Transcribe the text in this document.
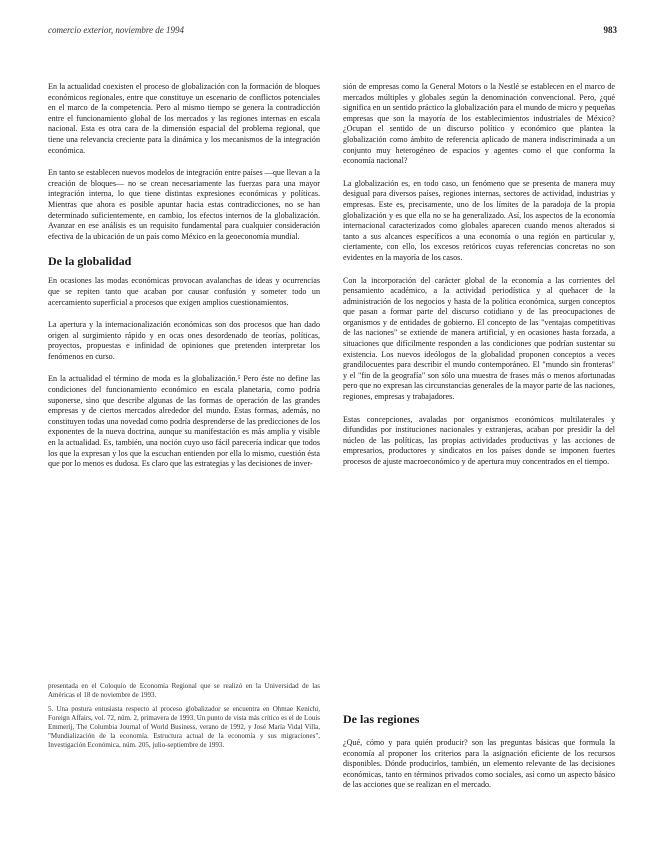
comercio exterior, noviembre de 1994	983

En la actualidad coexisten el proceso de globalización con la formación de bloques económicos regionales, entre que constituye un escenario de conflictos potenciales en el marco de la competencia. Pero al mismo tiempo se genera la contradicción entre el funcionamiento global de los mercados y las regiones internas en escala nacional. Esta es otra cara de la dimensión espacial del problema regional, que tiene una relevancia creciente para la dinámica y los mecanismos de la integración económica.

En tanto se establecen nuevos modelos de integración entre países —que llevan a la creación de bloques— no se crean necesariamente las fuerzas para una mayor integración interna, lo que tiene distintas expresiones económicas y políticas. Mientras que ahora es posible apuntar hacia estas contradicciones, no se han determinado suficientemente, en cambio, los efectos internos de la globalización. Avanzar en ese análisis es un requisito fundamental para cualquier consideración efectiva de la ubicación de un país como México en la geoeconomía mundial.

De la globalidad

En ocasiones las modas económicas provocan avalanchas de ideas y ocurrencias que se repiten tanto que acaban por causar confusión y someter todo un acercamiento superficial a procesos que exigen amplios cuestionamientos.

La apertura y la internacionalización económicas son dos procesos que han dado origen al surgimiento rápido y en ocas ones desordenado de teorías, políticas, proyectos, propuestas e infinidad de opiniones que pretenden interpretar los fenómenos en curso.

En la actualidad el término de moda es la globalización.⁵ Pero éste no define las condiciones del funcionamiento económico en escala planetaria, como podría suponerse, sino que describe algunas de las formas de operación de las grandes empresas y de ciertos mercados alrededor del mundo. Estas formas, además, no constituyen todas una novedad como podría desprenderse de las predicciones de los exponentes de la nueva doctrina, aunque su manifestación es más amplia y visible en la actualidad. Es, también, una noción cuyo uso fácil parecería indicar que todos los que la expresan y los que la escuchan entienden por ella lo mismo, cuestión ésta que por lo menos es dudosa. Es claro que las estrategias y las decisiones de inver-

presentada en el Coloquio de Economía Regional que se realizó en la Universidad de las Américas el 18 de noviembre de 1993.

5. Una postura entusiasta respecto al proceso globalizador se encuentra en Ohmae Kenichi, Foreign Affairs, vol. 72, núm. 2, primavera de 1993. Un punto de vista más crítico es el de Louis Emmerij, The Columbia Journal of World Business, verano de 1992, y José María Vidal Villa, "Mundialización de la economía. Estructura actual de la economía y sus migraciones", Investigación Económica, núm. 205, julio-septiembre de 1993.

sión de empresas como la General Motors o la Nestlé se establecen en el marco de mercados múltiples y globales según la denominación convencional. Pero, ¿qué significa en un sentido práctico la globalización para el mundo de micro y pequeñas empresas que son la mayoría de los establecimientos industriales de México? ¿Ocupan el sentido de un discurso político y económico que plantea la globalización como ámbito de referencia aplicado de manera indiscriminada a un conjunto muy heterogéneo de espacios y agentes como el que conforma la economía nacional?

La globalización es, en todo caso, un fenómeno que se presenta de manera muy desigual para diversos países, regiones internas, sectores de actividad, industrias y empresas. Este es, precisamente, uno de los límites de la paradoja de la propia globalización y es que ella no se ha generalizado. Así, los aspectos de la economía internacional caracterizados como globales aparecen cuando menos alterados si tanto a sus alcances específicos a una economía o una región en particular y, ciertamente, con ello, los excesos retóricos cuyas referencias concretas no son evidentes en la mayoría de los casos.

Con la incorporación del carácter global de la economía a las corrientes del pensamiento académico, a la actividad periodística y al quehacer de la administración de los negocios y hasta de la política económica, surgen conceptos que pasan a formar parte del discurso cotidiano y de las preocupaciones de organismos y de entidades de gobierno. El concepto de las "ventajas competitivas de las naciones" se extiende de manera artificial, y en ocasiones hasta forzada, a situaciones que difícilmente responden a las condiciones que podrían sustentar su existencia. Los nuevos ideólogos de la globalidad proponen conceptos a veces grandilocuentes para describir el mundo contemporáneo. El "mundo sin fronteras" y el "fin de la geografía" son sólo una muestra de frases más o menos afortunadas pero que no expresan las circunstancias generales de la mayor parte de las naciones, regiones, empresas y trabajadores.

Estas concepciones, avaladas por organismos económicos multilaterales y difundidas por instituciones nacionales y extranjeras, acaban por presidir la del núcleo de las políticas, las propias actividades productivas y las acciones de empresarios, productores y sindicatos en los países donde se imponen fuertes procesos de ajuste macroeconómico y de apertura muy concentrados en el tiempo.

De las regiones

¿Qué, cómo y para quién producir? son las preguntas básicas que formula la economía al proponer los criterios para la asignación eficiente de los recursos disponibles. Dónde producirlos, también, un elemento relevante de las decisiones económicas, tanto en términos privados como sociales, así como un aspecto básico de las acciones que se realizan en el mercado.
